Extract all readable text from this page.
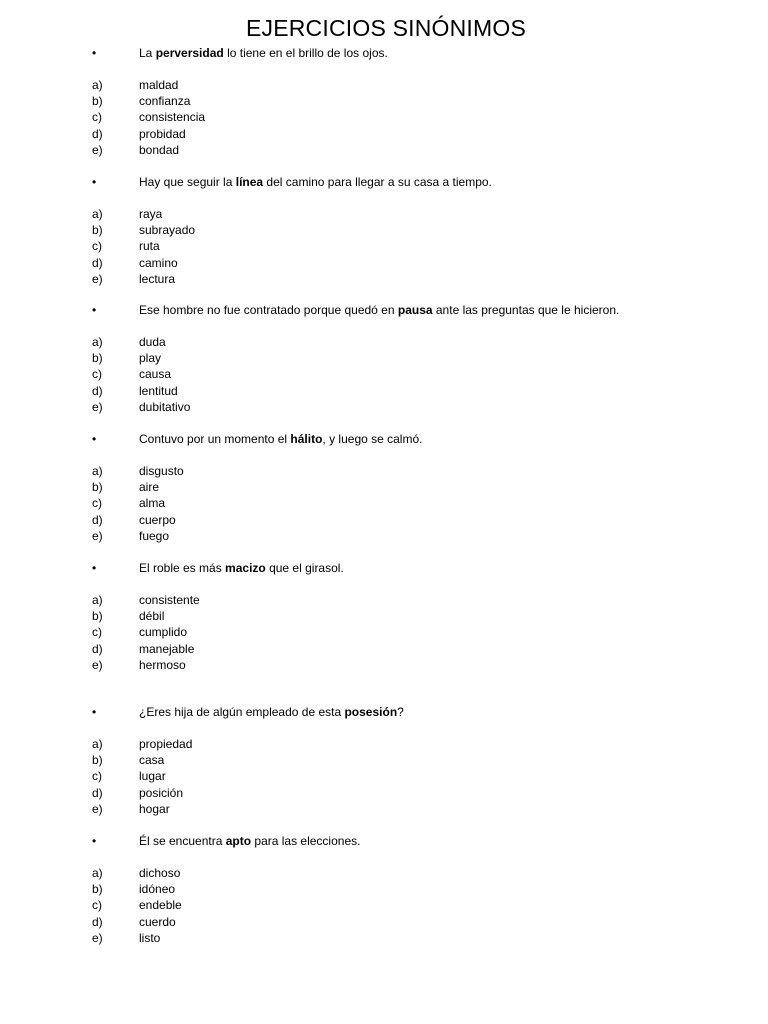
EJERCICIOS SINÓNIMOS
•	La perversidad lo tiene en el brillo de los ojos.
a)	maldad
b)	confianza
c)	consistencia
d)	probidad
e)	bondad
•	Hay que seguir la línea del camino para llegar a su casa a tiempo.
a)	raya
b)	subrayado
c)	ruta
d)	camino
e)	lectura
•	Ese hombre no fue contratado porque quedó en pausa ante las preguntas que le hicieron.
a)	duda
b)	play
c)	causa
d)	lentitud
e)	dubitativo
•	Contuvo por un momento el hálito, y luego se calmó.
a)	disgusto
b)	aire
c)	alma
d)	cuerpo
e)	fuego
•	El roble es más macizo que el girasol.
a)	consistente
b)	débil
c)	cumplido
d)	manejable
e)	hermoso
•	¿Eres hija de algún empleado de esta posesión?
a)	propiedad
b)	casa
c)	lugar
d)	posición
e)	hogar
•	Él se encuentra apto para las elecciones.
a)	dichoso
b)	idóneo
c)	endeble
d)	cuerdo
e)	listo
